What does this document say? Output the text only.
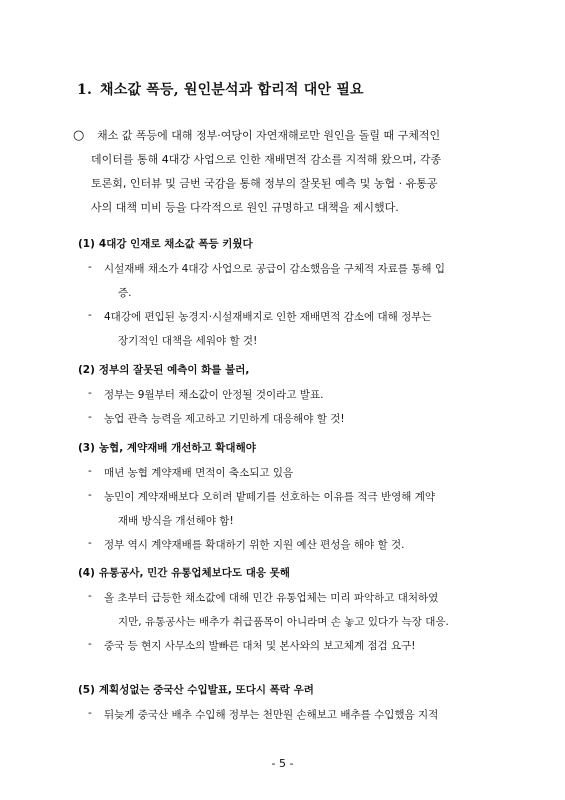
1. 채소값 폭등, 원인분석과 합리적 대안 필요
○	채소 값 폭등에 대해 정부·여당이 자연재해로만 원인을 돌릴 때 구체적인
데이터를 통해 4대강 사업으로 인한 재배면적 감소를 지적해 왔으며, 각종
토론회, 인터뷰 및 금번 국감을 통해 정부의 잘못된 예측 및 농협 · 유통공
사의 대책 미비 등을 다각적으로 원인 규명하고 대책을 제시했다.
(1) 4대강 인재로 채소값 폭등 키웠다
- 시설재배 채소가 4대강 사업으로 공급이 감소했음을 구체적 자료를 통해 입
증.
- 4대강에 편입된 농경지·시설재배지로 인한 재배면적 감소에 대해 정부는
장기적인 대책을 세워야 할 것!
(2) 정부의 잘못된 예측이 화를 불러,
- 정부는 9월부터 채소값이 안정될 것이라고 발표.
- 농업 관측 능력을 제고하고 기민하게 대응해야 할 것!
(3) 농협, 계약재배 개선하고 확대해야
- 매년 농협 계약재배 면적이 축소되고 있음
- 농민이 계약재배보다 오히려 밭떼기를 선호하는 이유를 적극 반영해 계약
재배 방식을 개선해야 함!
- 정부 역시 계약재배를 확대하기 위한 지원 예산 편성을 해야 할 것.
(4) 유통공사, 민간 유통업체보다도 대응 못해
- 올 초부터 급등한 채소값에 대해 민간 유통업체는 미리 파악하고 대처하였
지만, 유통공사는 배추가 취급품목이 아니라며 손 놓고 있다가 늑장 대응.
- 중국 등 현지 사무소의 발빠른 대처 및 본사와의 보고체계 점검 요구!
(5) 계획성없는 중국산 수입발표, 또다시 폭락 우려
- 뒤늦게 중국산 배추 수입해 정부는 천만원 손해보고 배추를 수입했음 지적
- 5 -
